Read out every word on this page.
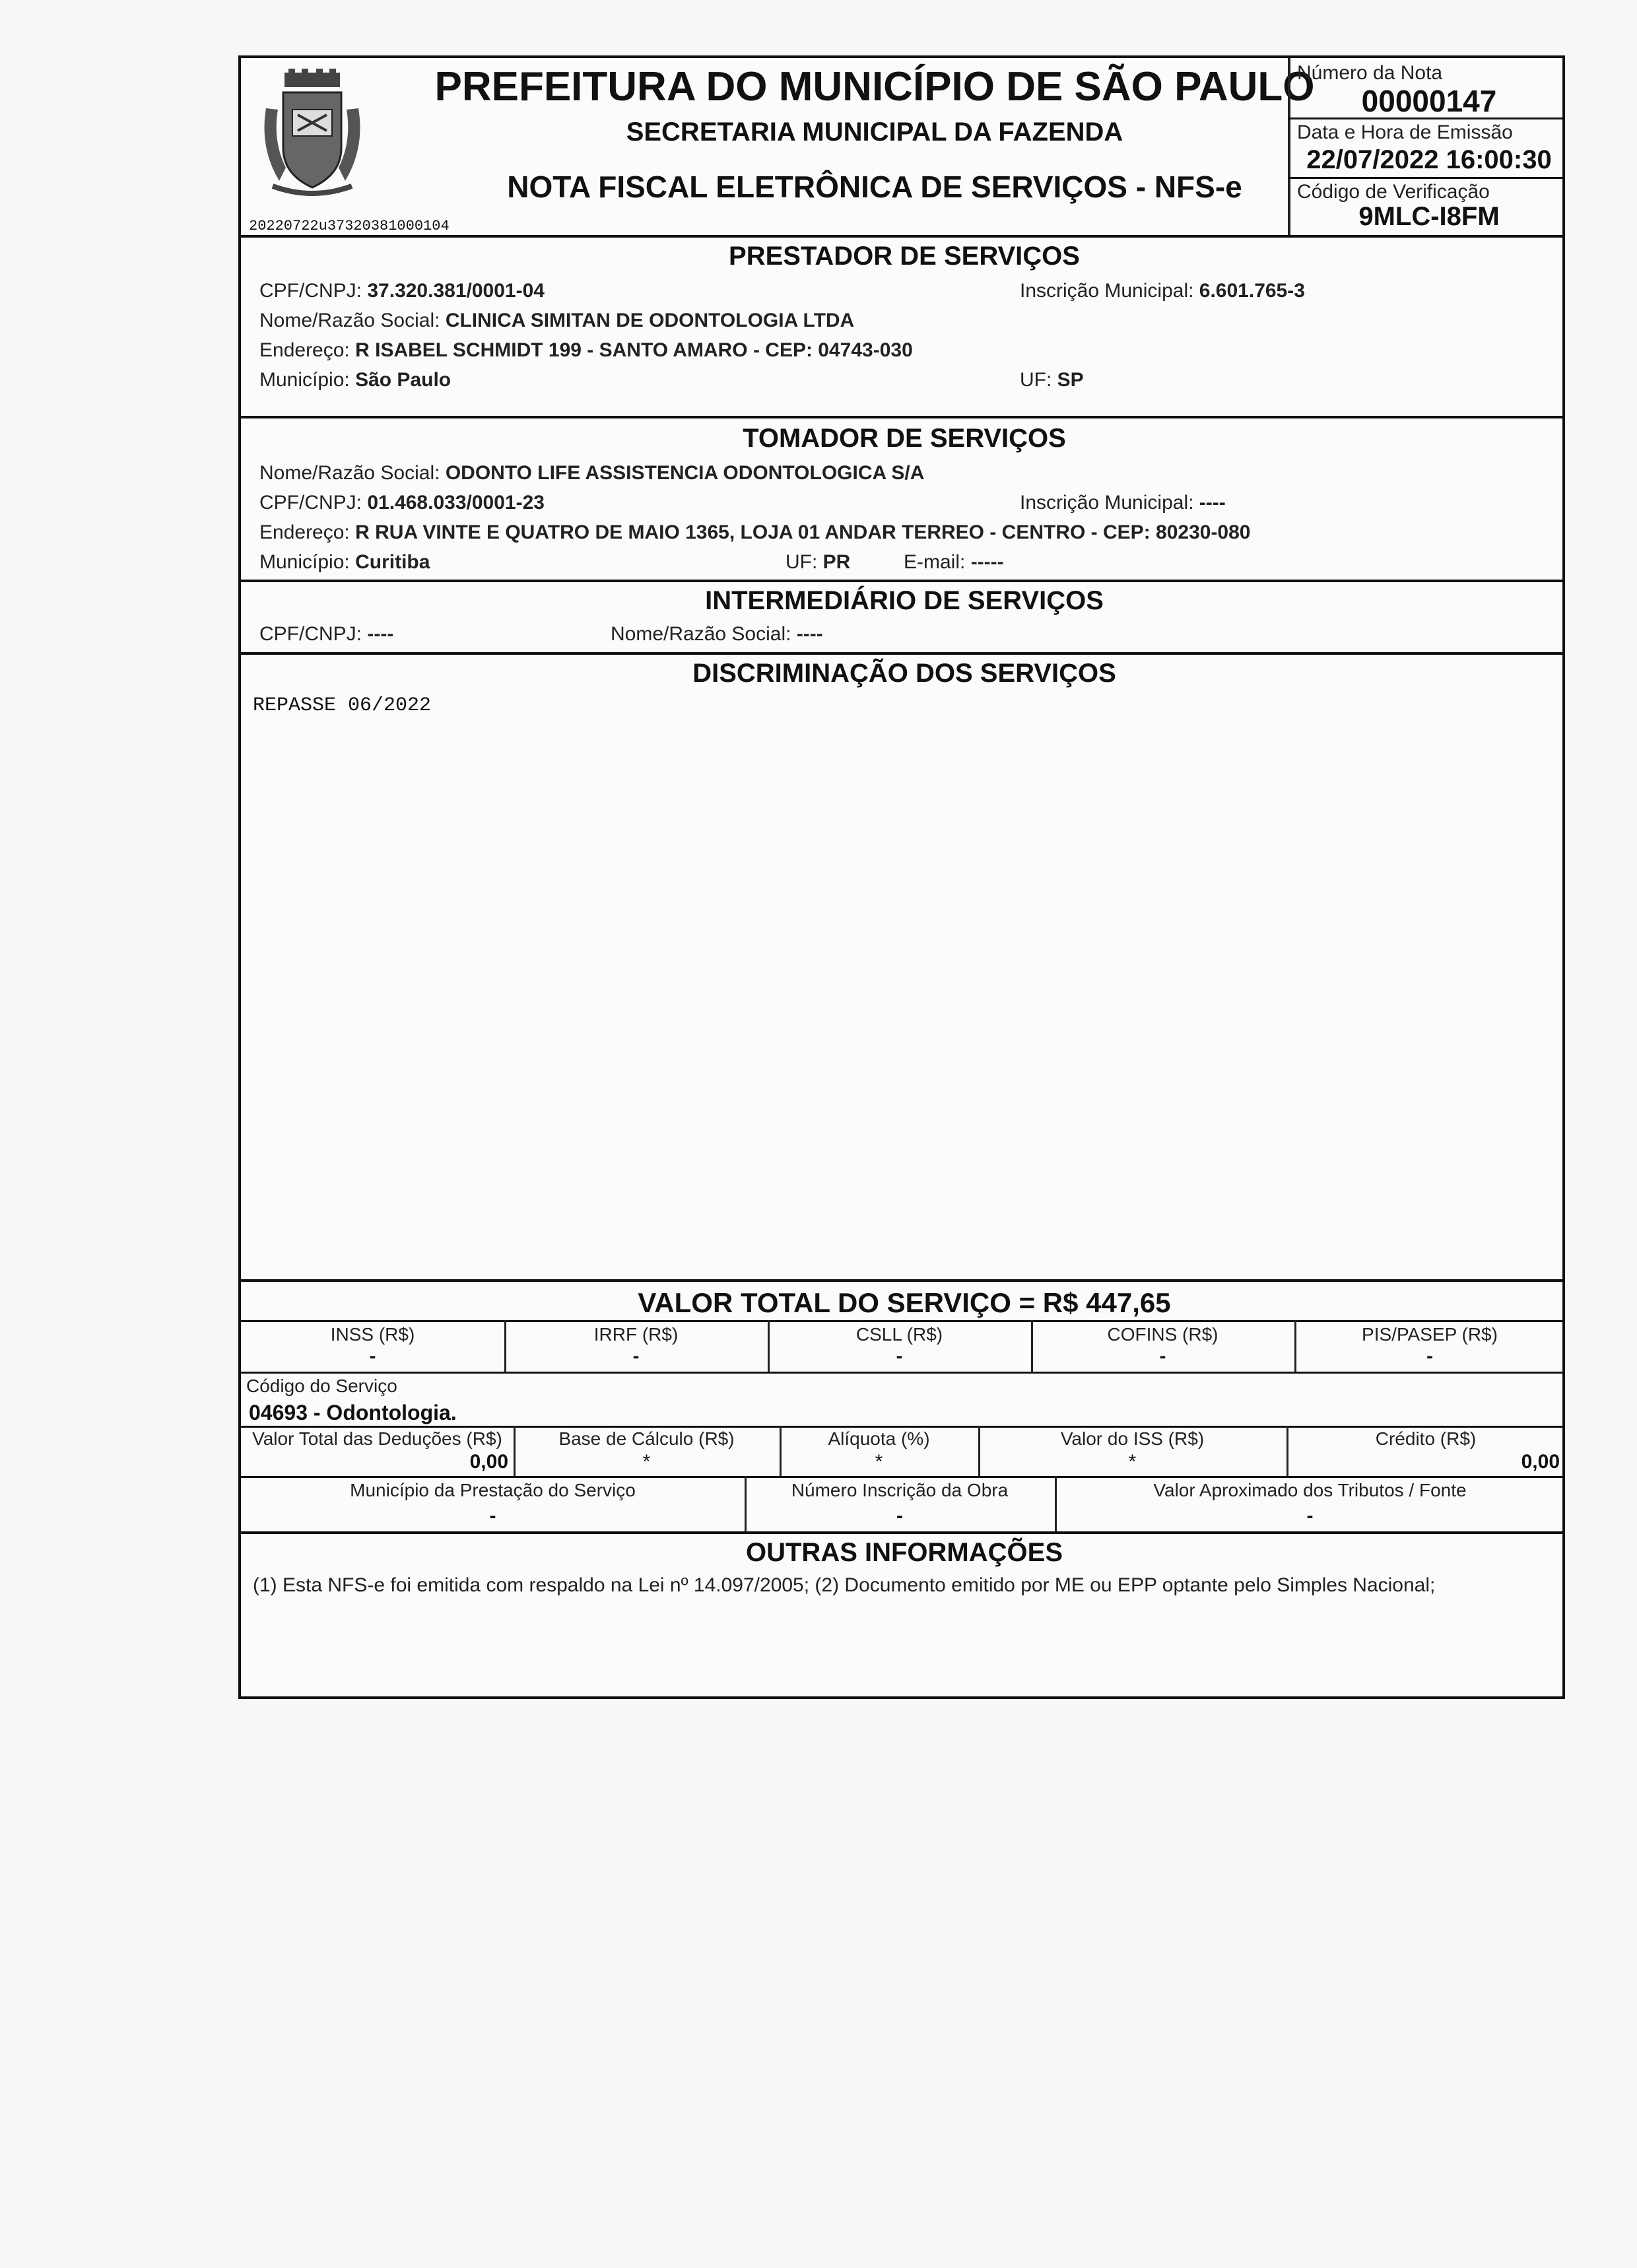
20220722u37320381000104
PREFEITURA DO MUNICÍPIO DE SÃO PAULO
SECRETARIA MUNICIPAL DA FAZENDA
NOTA FISCAL ELETRÔNICA DE SERVIÇOS - NFS-e
Número da Nota
00000147
Data e Hora de Emissão
22/07/2022 16:00:30
Código de Verificação
9MLC-I8FM
PRESTADOR DE SERVIÇOS
CPF/CNPJ: 37.320.381/0001-04	Inscrição Municipal: 6.601.765-3
Nome/Razão Social: CLINICA SIMITAN DE ODONTOLOGIA LTDA
Endereço: R ISABEL SCHMIDT 199 - SANTO AMARO - CEP: 04743-030
Município: São Paulo	UF: SP
TOMADOR DE SERVIÇOS
Nome/Razão Social: ODONTO LIFE ASSISTENCIA ODONTOLOGICA S/A
CPF/CNPJ: 01.468.033/0001-23	Inscrição Municipal: ----
Endereço: R RUA VINTE E QUATRO DE MAIO 1365, LOJA 01 ANDAR TERREO - CENTRO - CEP: 80230-080
Município: Curitiba	UF: PR	E-mail: -----
INTERMEDIÁRIO DE SERVIÇOS
CPF/CNPJ: ----	Nome/Razão Social: ----
DISCRIMINAÇÃO DOS SERVIÇOS
REPASSE 06/2022
VALOR TOTAL DO SERVIÇO = R$ 447,65
INSS (R$)
-
IRRF (R$)
-
CSLL (R$)
-
COFINS (R$)
-
PIS/PASEP (R$)
-
Código do Serviço
04693 - Odontologia.
Valor Total das Deduções (R$)
0,00
Base de Cálculo (R$)
*
Alíquota (%)
*
Valor do ISS (R$)
*
Crédito (R$)
0,00
Município da Prestação do Serviço
-
Número Inscrição da Obra
-
Valor Aproximado dos Tributos / Fonte
-
OUTRAS INFORMAÇÕES
(1) Esta NFS-e foi emitida com respaldo na Lei nº 14.097/2005; (2) Documento emitido por ME ou EPP optante pelo Simples Nacional;
